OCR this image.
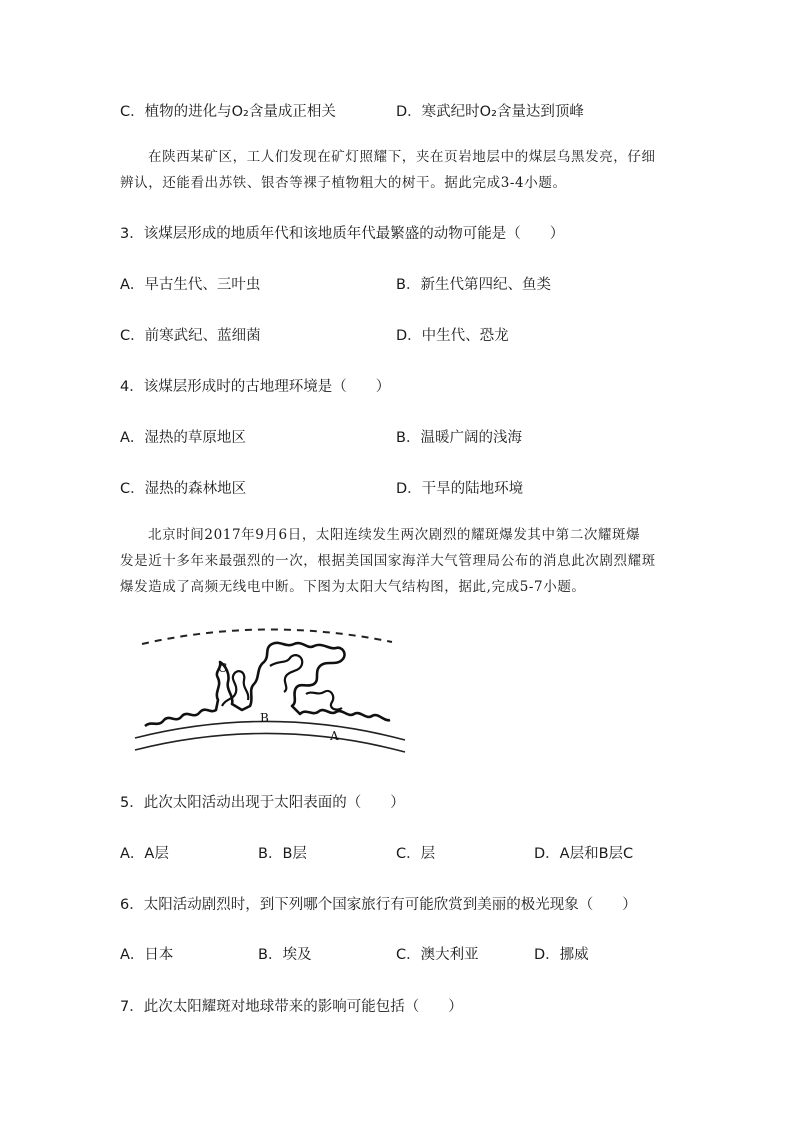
C．植物的进化与O₂含量成正相关	D．寒武纪时O₂含量达到顶峰
在陕西某矿区，工人们发现在矿灯照耀下，夹在页岩地层中的煤层乌黑发亮，仔细
辨认，还能看出苏铁、银杏等裸子植物粗大的树干。据此完成3-4小题。
3．该煤层形成的地质年代和该地质年代最繁盛的动物可能是（　　）
A．早古生代、三叶虫	B．新生代第四纪、鱼类
C．前寒武纪、蓝细菌	D．中生代、恐龙
4．该煤层形成时的古地理环境是（　　）
A．湿热的草原地区	B．温暖广阔的浅海
C．湿热的森林地区	D．干旱的陆地环境
北京时间2017年9月6日，太阳连续发生两次剧烈的耀斑爆发其中第二次耀斑爆
发是近十多年来最强烈的一次，根据美国国家海洋大气管理局公布的消息此次剧烈耀斑
爆发造成了高频无线电中断。下图为太阳大气结构图，据此,完成5-7小题。
C
B
A
5．此次太阳活动出现于太阳表面的（　　）
A．A层	B．B层	C．层	D．A层和B层C
6．太阳活动剧烈时，到下列哪个国家旅行有可能欣赏到美丽的极光现象（　　）
A．日本	B．埃及	C．澳大利亚	D．挪威
7．此次太阳耀斑对地球带来的影响可能包括（　　）
